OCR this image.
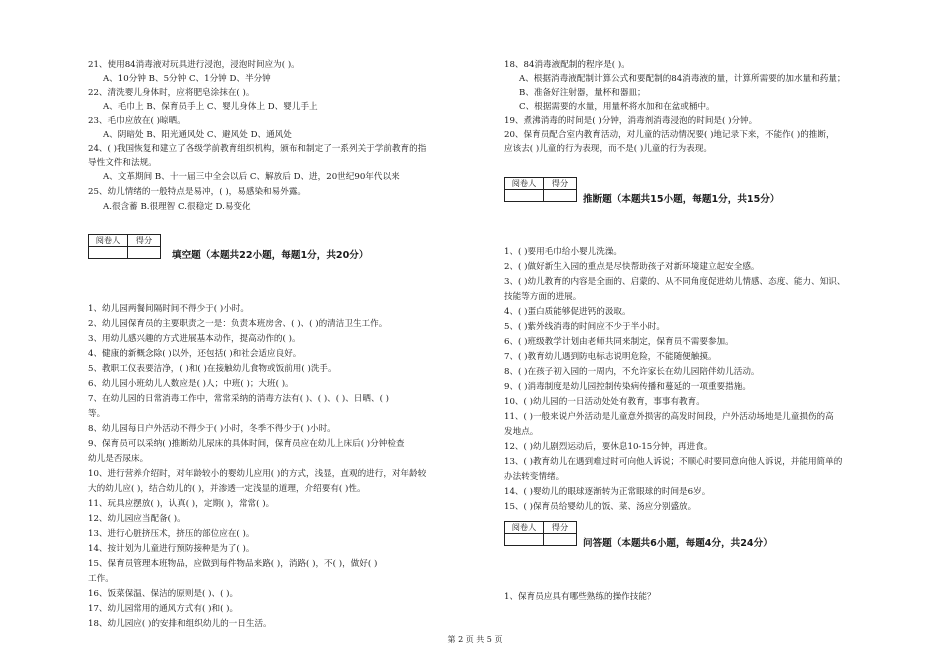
21、使用84消毒液对玩具进行浸泡，浸泡时间应为( )。
A、10分钟 B、5分钟 C、1分钟 D、半分钟
22、清洗婴儿身体时，应将肥皂涂抹在( )。
A、毛巾上 B、保育员手上 C、婴儿身体上 D、婴儿手上
23、毛巾应放在( )晾晒。
A、阴暗处 B、阳光通风处 C、避风处 D、通风处
24、( )我国恢复和建立了各级学前教育组织机构，颁布和制定了一系列关于学前教育的指
导性文件和法规。
A、文革期间 B、十一届三中全会以后 C、解放后 D、进，20世纪90年代以来
25、幼儿情绪的一般特点是易冲，( )，易感染和易外露。
A.很含蓄 B.很理智 C.很稳定 D.易变化
阅卷人	得分

填空题（本题共22小题，每题1分，共20分）
1、幼儿园两餐间隔时间不得少于( )小时。
2、幼儿园保育员的主要职责之一是：负责本班房舍、( )、( )的清洁卫生工作。
3、用幼儿感兴趣的方式进展基本动作，提高动作的( )。
4、健康的新概念除( )以外，还包括( )和社会适应良好。
5、教职工仪表要洁净，( )和( )在接触幼儿食物或饭前用( )洗手。
6、幼儿园小班幼儿人数应是( )人；中班( )；大班( )。
7、在幼儿园的日常消毒工作中，常常采纳的消毒方法有( )、( )、( )、日晒、( )
等。
8、幼儿园每日户外活动不得少于( )小时，冬季不得少于( )小时。
9、保育员可以采纳( )推断幼儿尿床的具体时间，保育员应在幼儿上床后( )分钟检查
幼儿是否尿床。
10、进行营养介绍时，对年龄较小的婴幼儿应用( )的方式，浅显，直观的进行，对年龄较
大的幼儿应( )，结合幼儿的( )，并渗透一定浅显的道理，介绍要有( )性。
11、玩具应摆放( )，认真( )，定期( )，常常( )。
12、幼儿园应当配备( )。
13、进行心脏挤压术，挤压的部位应在( )。
14、按计划为儿童进行预防接种是为了( )。
15、保育员管理本班物品，应做到每件物品来路( )，消路( )，不( )，做好( )
工作。
16、饭菜保温、保洁的原则是( )、( )。
17、幼儿园常用的通风方式有( )和( )。
18、幼儿园应( )的安排和组织幼儿的一日生活。
18、84消毒液配制的程序是( )。
A、根据消毒液配制计算公式和要配制的84消毒液的量，计算所需要的加水量和药量；
B、准备好注射器，量杯和器皿；
C、根据需要的水量，用量杯将水加和在盆或桶中。
19、煮沸消毒的时间是( )分钟，消毒剂消毒浸泡的时间是( )分钟。
20、保育员配合室内教育活动，对儿童的活动情况要( )地记录下来，不能作( )的推断，
应该去( )儿童的行为表现，而不是( )儿童的行为表现。
阅卷人	得分

推断题（本题共15小题，每题1分，共15分）
1、( )要用毛巾给小婴儿洗澡。
2、( )做好新生入园的重点是尽快帮助孩子对新环境建立起安全感。
3、( )幼儿教育的内容是全面的、启蒙的、从不同角度促进幼儿情感、态度、能力、知识、
技能等方面的进展。
4、( )蛋白质能够促进钙的汲取。
5、( )紫外线消毒的时间应不少于半小时。
6、( )班级教学计划由老师共同来制定，保育员不需要参加。
7、( )教育幼儿遇到防电标志说明危险，不能随便触摸。
8、( )在孩子初入园的一周内，不允许家长在幼儿园陪伴幼儿活动。
9、( )消毒制度是幼儿园控制传染病传播和蔓延的一项重要措施。
10、( )幼儿园的一日活动处处有教育，事事有教育。
11、( )一般来说户外活动是儿童意外损害的高发时间段，户外活动场地是儿童损伤的高
发地点。
12、( )幼儿剧烈运动后，要休息10-15分钟，再进食。
13、( )教育幼儿在遇到难过时可向他人诉说；不顺心时要同意向他人诉说，并能用简单的
办法转变情绪。
14、( )婴幼儿的眼球逐渐转为正常眼球的时间是6岁。
15、( )保育员给婴幼儿的饭、菜、汤应分别盛放。
阅卷人	得分

问答题（本题共6小题，每题4分，共24分）
1、保育员应具有哪些熟练的操作技能？
第 2 页 共 5 页
